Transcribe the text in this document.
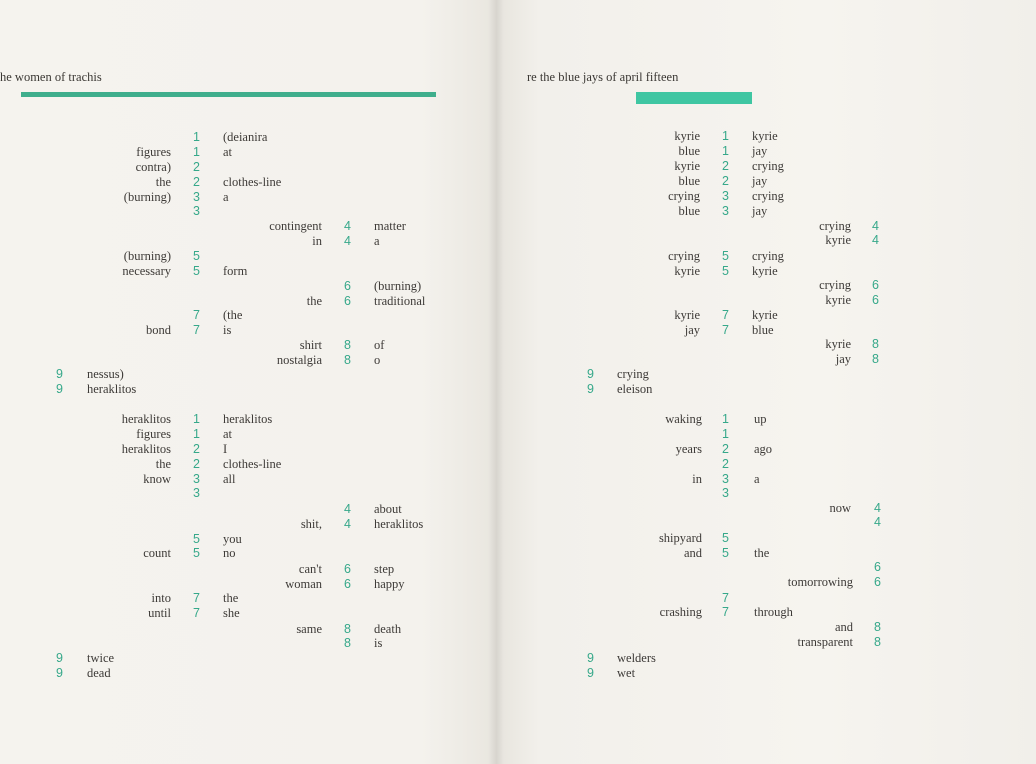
he women of trachis
1 (deianira
figures 1 at
contra) 2
the 2 clothes-line
(burning) 3 a
3
contingent 4 matter
in 4 a
(burning) 5
necessary 5 form
6 (burning)
the 6 traditional
7 (the
bond 7 is
shirt 8 of
nostalgia 8 o
9 nessus)
9 heraklitos
heraklitos 1 heraklitos
figures 1 at
heraklitos 2 I
the 2 clothes-line
know 3 all
3
4 about
shit, 4 heraklitos
5 you
count 5 no
can't 6 step
woman 6 happy
into 7 the
until 7 she
same 8 death
8 is
9 twice
9 dead
re the blue jays of april fifteen
kyrie 1 kyrie
blue 1 jay
kyrie 2 crying
blue 2 jay
crying 3 crying
blue 3 jay
crying 4
kyrie 4
crying 5 crying
kyrie 5 kyrie
crying 6
kyrie 6
kyrie 7 kyrie
jay 7 blue
kyrie 8
jay 8
9 crying
9 eleison
waking 1 up
1
years 2 ago
2
in 3 a
3
now 4
4
shipyard 5
and 5 the
6
tomorrowing 6
7
crashing 7 through
and 8
transparent 8
9 welders
9 wet
